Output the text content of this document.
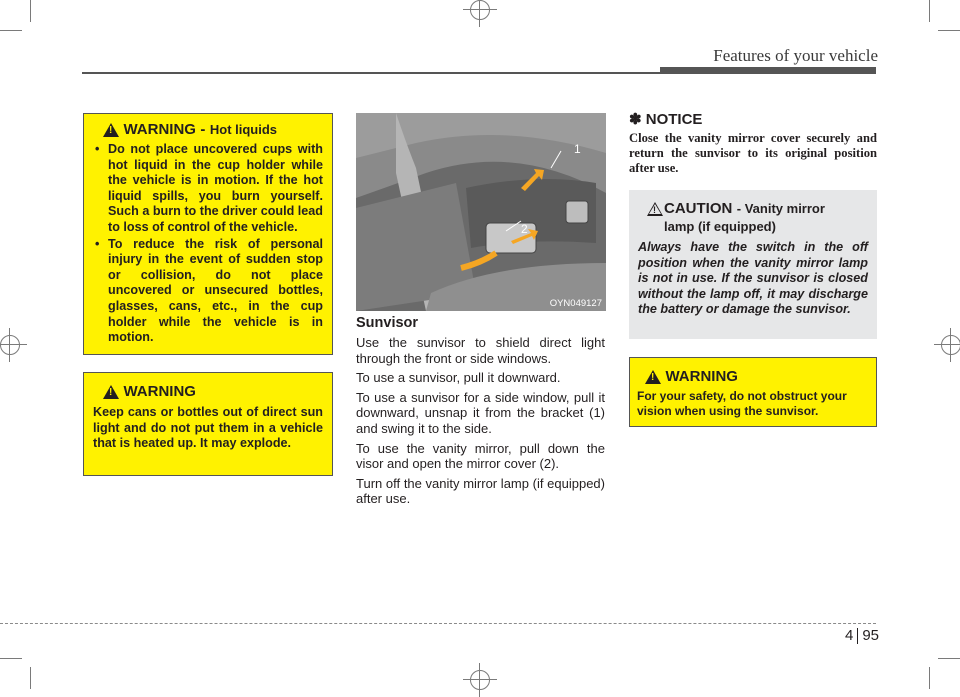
Features of your vehicle
! WARNING - Hot liquids
• Do not place uncovered cups with hot liquid in the cup holder while the vehicle is in motion. If the hot liquid spills, you burn yourself. Such a burn to the driver could lead to loss of control of the vehicle.
• To reduce the risk of personal injury in the event of sudden stop or collision, do not place uncovered or unsecured bottles, glasses, cans, etc., in the cup holder while the vehicle is in motion.
! WARNING
Keep cans or bottles out of direct sun light and do not put them in a vehicle that is heated up. It may explode.
1
2
OYN049127
Sunvisor

Use the sunvisor to shield direct light through the front or side windows.

To use a sunvisor, pull it downward.

To use a sunvisor for a side window, pull it downward, unsnap it from the bracket (1) and swing it to the side.

To use the vanity mirror, pull down the visor and open the mirror cover (2).

Turn off the vanity mirror lamp (if equipped) after use.

✽ NOTICE
Close the vanity mirror cover securely and return the sunvisor to its original position after use.
!
CAUTION - Vanity mirror
lamp (if equipped)
Always have the switch in the off position when the vanity mirror lamp is not in use. If the sunvisor is closed without the lamp off, it may discharge the battery or damage the sunvisor.
! WARNING
For your safety, do not obstruct your vision when using the sunvisor.
4 95
